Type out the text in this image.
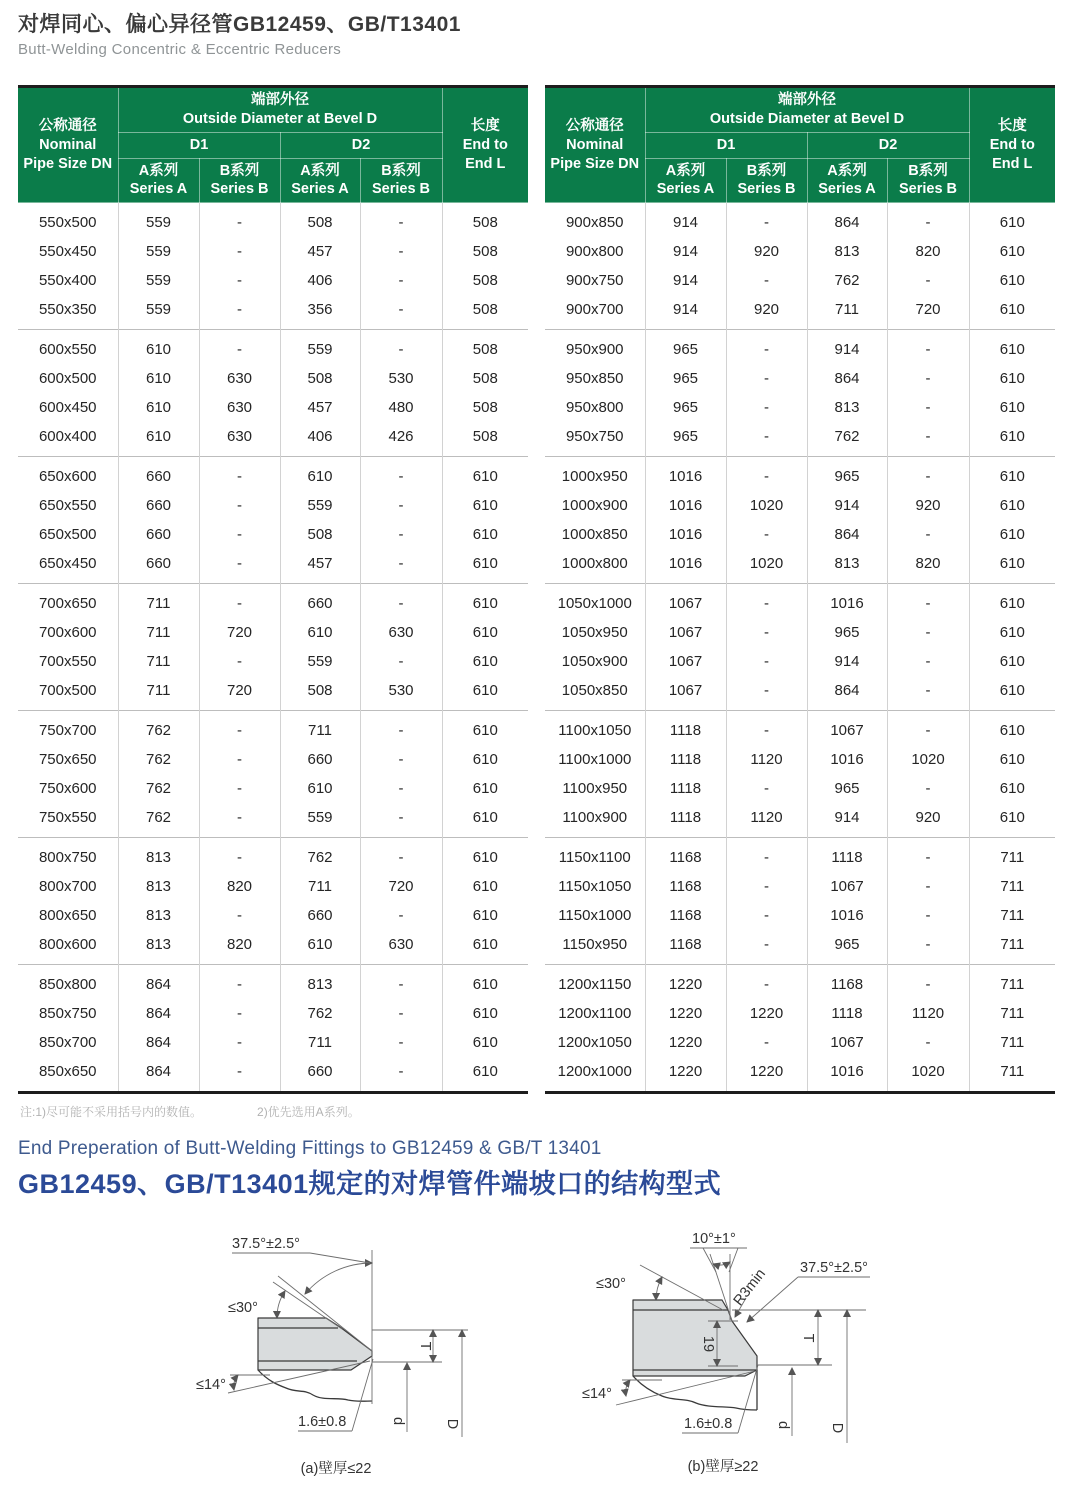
对焊同心、偏心异径管GB12459、GB/T13401
Butt-Welding Concentric & Eccentric Reducers
公称通径
Nominal
Pipe Size DN	端部外径
Outside Diameter at Bevel D				长度
End to
End L

	D1		D2		

	A系列
Series A	B系列
Series B	A系列
Series A	B系列
Series B	

550x500	559	-	508	-	508
550x450	559	-	457	-	508
550x400	559	-	406	-	508
550x350	559	-	356	-	508
600x550	610	-	559	-	508
600x500	610	630	508	530	508
600x450	610	630	457	480	508
600x400	610	630	406	426	508
650x600	660	-	610	-	610
650x550	660	-	559	-	610
650x500	660	-	508	-	610
650x450	660	-	457	-	610
700x650	711	-	660	-	610
700x600	711	720	610	630	610
700x550	711	-	559	-	610
700x500	711	720	508	530	610
750x700	762	-	711	-	610
750x650	762	-	660	-	610
750x600	762	-	610	-	610
750x550	762	-	559	-	610
800x750	813	-	762	-	610
800x700	813	820	711	720	610
800x650	813	-	660	-	610
800x600	813	820	610	630	610
850x800	864	-	813	-	610
850x750	864	-	762	-	610
850x700	864	-	711	-	610
850x650	864	-	660	-	610
公称通径
Nominal
Pipe Size DN	端部外径
Outside Diameter at Bevel D				长度
End to
End L

	D1		D2		

	A系列
Series A	B系列
Series B	A系列
Series A	B系列
Series B	

900x850	914	-	864	-	610
900x800	914	920	813	820	610
900x750	914	-	762	-	610
900x700	914	920	711	720	610
950x900	965	-	914	-	610
950x850	965	-	864	-	610
950x800	965	-	813	-	610
950x750	965	-	762	-	610
1000x950	1016	-	965	-	610
1000x900	1016	1020	914	920	610
1000x850	1016	-	864	-	610
1000x800	1016	1020	813	820	610
1050x1000	1067	-	1016	-	610
1050x950	1067	-	965	-	610
1050x900	1067	-	914	-	610
1050x850	1067	-	864	-	610
1100x1050	1118	-	1067	-	610
1100x1000	1118	1120	1016	1020	610
1100x950	1118	-	965	-	610
1100x900	1118	1120	914	920	610
1150x1100	1168	-	1118	-	711
1150x1050	1168	-	1067	-	711
1150x1000	1168	-	1016	-	711
1150x950	1168	-	965	-	711
1200x1150	1220	-	1168	-	711
1200x1100	1220	1220	1118	1120	711
1200x1050	1220	-	1067	-	711
1200x1000	1220	1220	1016	1020	711
注:1)尽可能不采用括号内的数值。	2)优先选用A系列。
End Preperation of Butt-Welding Fittings to GB12459 & GB/T 13401
GB12459、GB/T13401规定的对焊管件端坡口的结构型式
37.5°±2.5°
≤30°
≤14°
1.6±0.8
T
d	D
(a)壁厚≤22
10°±1°
≤30°	R3min 37.5°±2.5°
19
≤14°
1.6±0.8
T
d	D
(b)壁厚≥22
